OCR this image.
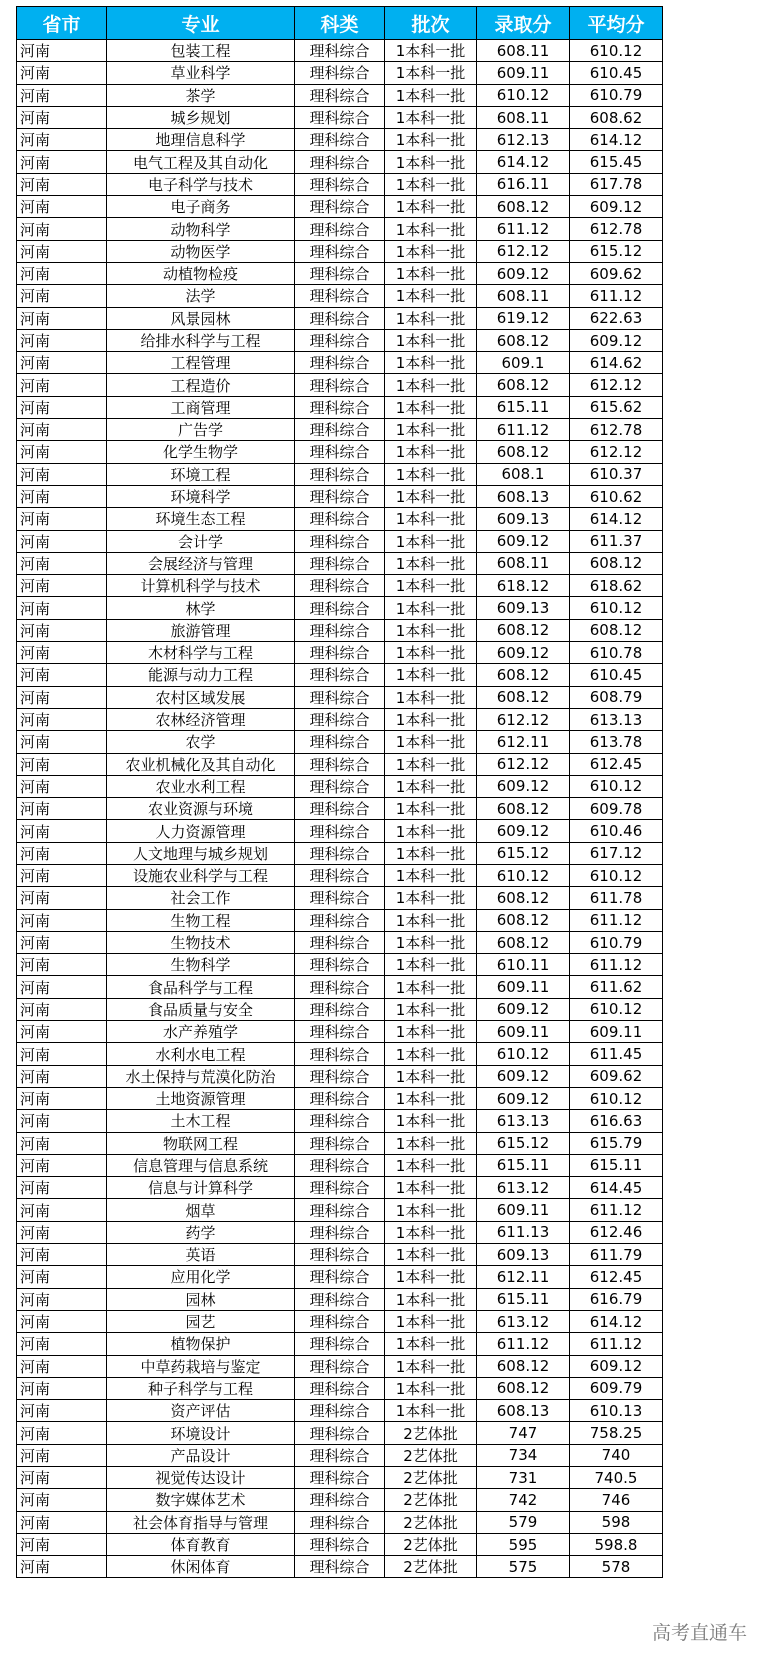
省市	专业	科类	批次	录取分	平均分
河南	包装工程	理科综合	1本科一批	608.11	610.12
河南	草业科学	理科综合	1本科一批	609.11	610.45
河南	茶学	理科综合	1本科一批	610.12	610.79
河南	城乡规划	理科综合	1本科一批	608.11	608.62
河南	地理信息科学	理科综合	1本科一批	612.13	614.12
河南	电气工程及其自动化	理科综合	1本科一批	614.12	615.45
河南	电子科学与技术	理科综合	1本科一批	616.11	617.78
河南	电子商务	理科综合	1本科一批	608.12	609.12
河南	动物科学	理科综合	1本科一批	611.12	612.78
河南	动物医学	理科综合	1本科一批	612.12	615.12
河南	动植物检疫	理科综合	1本科一批	609.12	609.62
河南	法学	理科综合	1本科一批	608.11	611.12
河南	风景园林	理科综合	1本科一批	619.12	622.63
河南	给排水科学与工程	理科综合	1本科一批	608.12	609.12
河南	工程管理	理科综合	1本科一批	609.1	614.62
河南	工程造价	理科综合	1本科一批	608.12	612.12
河南	工商管理	理科综合	1本科一批	615.11	615.62
河南	广告学	理科综合	1本科一批	611.12	612.78
河南	化学生物学	理科综合	1本科一批	608.12	612.12
河南	环境工程	理科综合	1本科一批	608.1	610.37
河南	环境科学	理科综合	1本科一批	608.13	610.62
河南	环境生态工程	理科综合	1本科一批	609.13	614.12
河南	会计学	理科综合	1本科一批	609.12	611.37
河南	会展经济与管理	理科综合	1本科一批	608.11	608.12
河南	计算机科学与技术	理科综合	1本科一批	618.12	618.62
河南	林学	理科综合	1本科一批	609.13	610.12
河南	旅游管理	理科综合	1本科一批	608.12	608.12
河南	木材科学与工程	理科综合	1本科一批	609.12	610.78
河南	能源与动力工程	理科综合	1本科一批	608.12	610.45
河南	农村区域发展	理科综合	1本科一批	608.12	608.79
河南	农林经济管理	理科综合	1本科一批	612.12	613.13
河南	农学	理科综合	1本科一批	612.11	613.78
河南	农业机械化及其自动化	理科综合	1本科一批	612.12	612.45
河南	农业水利工程	理科综合	1本科一批	609.12	610.12
河南	农业资源与环境	理科综合	1本科一批	608.12	609.78
河南	人力资源管理	理科综合	1本科一批	609.12	610.46
河南	人文地理与城乡规划	理科综合	1本科一批	615.12	617.12
河南	设施农业科学与工程	理科综合	1本科一批	610.12	610.12
河南	社会工作	理科综合	1本科一批	608.12	611.78
河南	生物工程	理科综合	1本科一批	608.12	611.12
河南	生物技术	理科综合	1本科一批	608.12	610.79
河南	生物科学	理科综合	1本科一批	610.11	611.12
河南	食品科学与工程	理科综合	1本科一批	609.11	611.62
河南	食品质量与安全	理科综合	1本科一批	609.12	610.12
河南	水产养殖学	理科综合	1本科一批	609.11	609.11
河南	水利水电工程	理科综合	1本科一批	610.12	611.45
河南	水土保持与荒漠化防治	理科综合	1本科一批	609.12	609.62
河南	土地资源管理	理科综合	1本科一批	609.12	610.12
河南	土木工程	理科综合	1本科一批	613.13	616.63
河南	物联网工程	理科综合	1本科一批	615.12	615.79
河南	信息管理与信息系统	理科综合	1本科一批	615.11	615.11
河南	信息与计算科学	理科综合	1本科一批	613.12	614.45
河南	烟草	理科综合	1本科一批	609.11	611.12
河南	药学	理科综合	1本科一批	611.13	612.46
河南	英语	理科综合	1本科一批	609.13	611.79
河南	应用化学	理科综合	1本科一批	612.11	612.45
河南	园林	理科综合	1本科一批	615.11	616.79
河南	园艺	理科综合	1本科一批	613.12	614.12
河南	植物保护	理科综合	1本科一批	611.12	611.12
河南	中草药栽培与鉴定	理科综合	1本科一批	608.12	609.12
河南	种子科学与工程	理科综合	1本科一批	608.12	609.79
河南	资产评估	理科综合	1本科一批	608.13	610.13
河南	环境设计	理科综合	2艺体批	747	758.25
河南	产品设计	理科综合	2艺体批	734	740
河南	视觉传达设计	理科综合	2艺体批	731	740.5
河南	数字媒体艺术	理科综合	2艺体批	742	746
河南	社会体育指导与管理	理科综合	2艺体批	579	598
河南	体育教育	理科综合	2艺体批	595	598.8
河南	休闲体育	理科综合	2艺体批	575	578
高考直通车
